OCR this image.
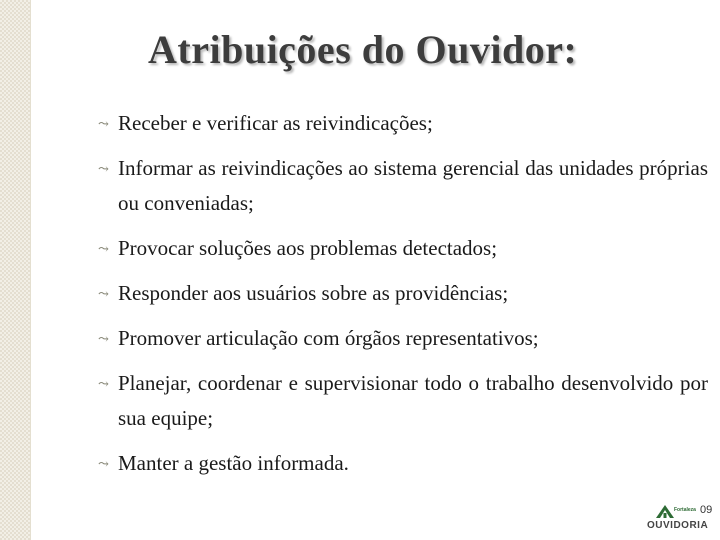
Atribuições do Ouvidor:
⤳ Receber e verificar as reivindicações;
⤳ Informar as reivindicações ao sistema gerencial das unidades próprias ou conveniadas;
⤳ Provocar soluções aos problemas detectados;
⤳ Responder aos usuários sobre as providências;
⤳ Promover articulação com órgãos representativos;
⤳ Planejar, coordenar e supervisionar todo o trabalho desenvolvido por sua equipe;
⤳ Manter a gestão informada.
Fortaleza
OUVIDORIA
09
